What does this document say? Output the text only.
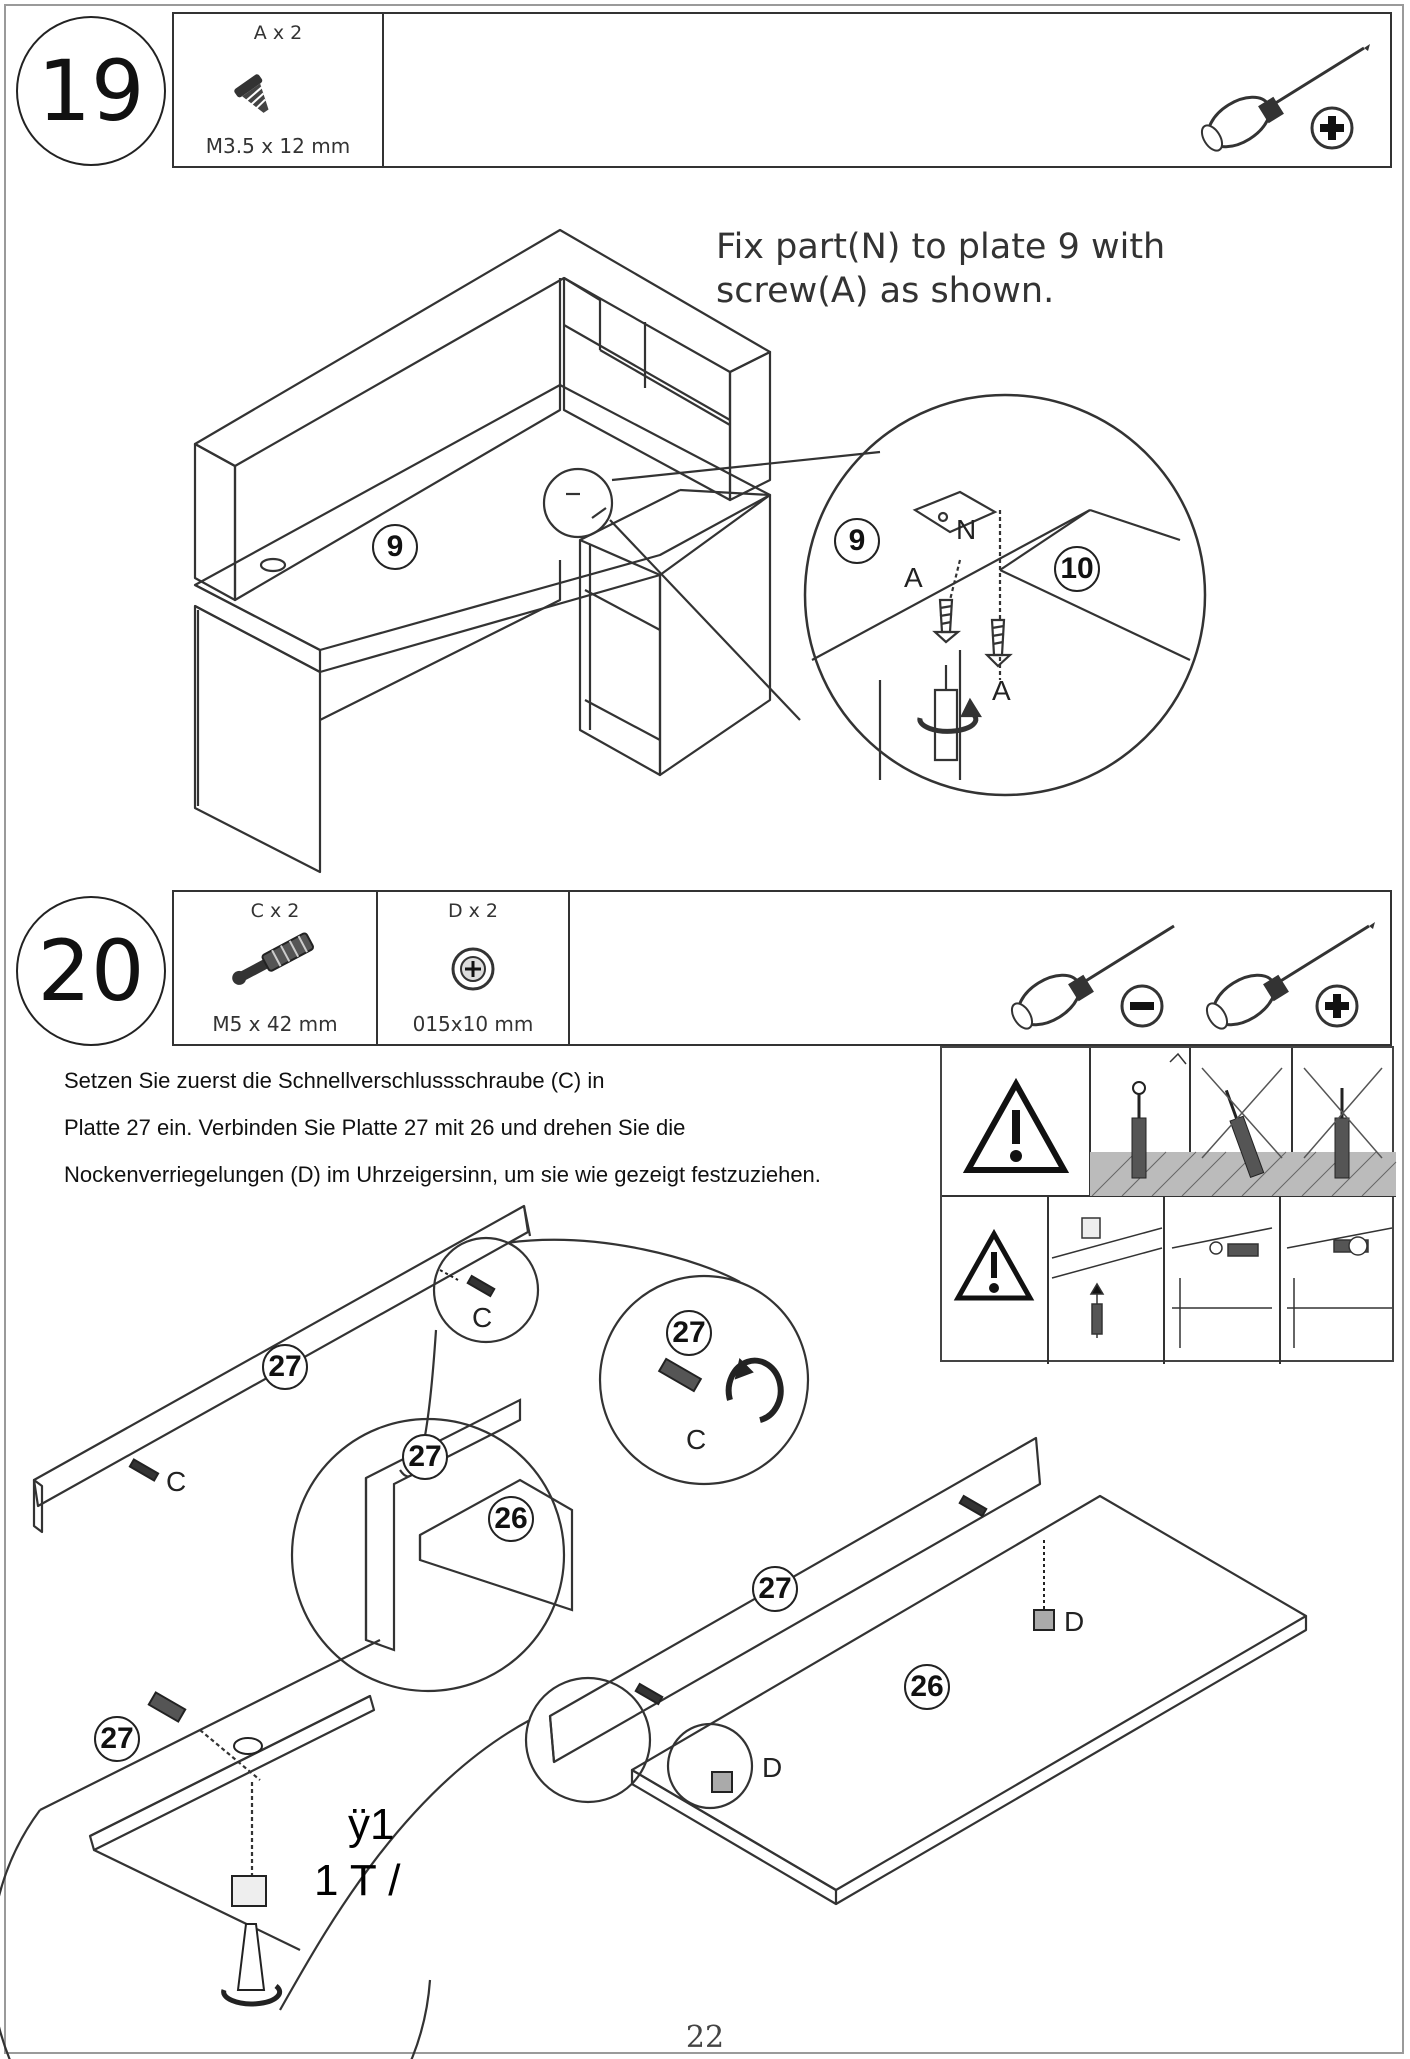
19
A x 2
M3.5 x 12 mm
Fix part(N) to plate 9 with
screw(A) as shown.
9	9
10
N
A
A
20
C x 2
M5 x 42 mm
D x 2
015x10 mm
Setzen Sie zuerst die Schnellverschlussschraube (C) in
Platte 27 ein. Verbinden Sie Platte 27 mit 26 und drehen Sie die
Nockenverriegelungen (D) im Uhrzeigersinn, um sie wie gezeigt festzuziehen.
27
C
C
27
C
27
26
27
26
D
D
27
ÿ1
1 T /
22
